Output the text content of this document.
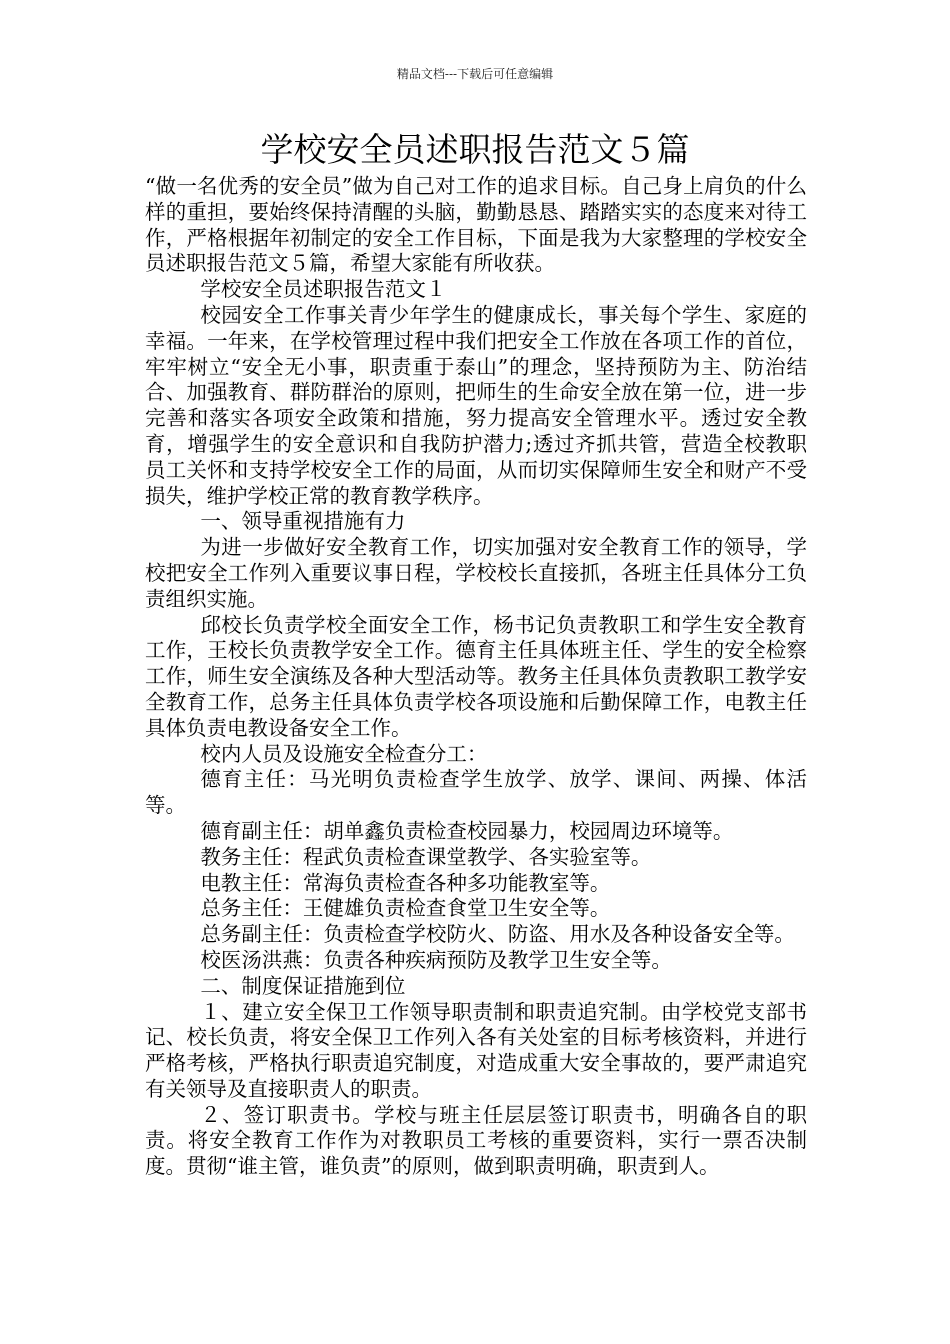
精品文档---下载后可任意编辑
学校安全员述职报告范文５篇

“做一名优秀的安全员”做为自己对工作的追求目标。自己身上肩负的什么样的重担，要始终保持清醒的头脑，勤勤恳恳、踏踏实实的态度来对待工作，严格根据年初制定的安全工作目标，下面是我为大家整理的学校安全员述职报告范文５篇，希望大家能有所收获。

学校安全员述职报告范文１

校园安全工作事关青少年学生的健康成长，事关每个学生、家庭的幸福。一年来，在学校管理过程中我们把安全工作放在各项工作的首位，牢牢树立“安全无小事，职责重于泰山”的理念，坚持预防为主、防治结合、加强教育、群防群治的原则，把师生的生命安全放在第一位，进一步完善和落实各项安全政策和措施，努力提高安全管理水平。透过安全教育，增强学生的安全意识和自我防护潜力;透过齐抓共管，营造全校教职员工关怀和支持学校安全工作的局面，从而切实保障师生安全和财产不受损失，维护学校正常的教育教学秩序。

一、领导重视措施有力

为进一步做好安全教育工作，切实加强对安全教育工作的领导，学校把安全工作列入重要议事日程，学校校长直接抓，各班主任具体分工负责组织实施。

邱校长负责学校全面安全工作，杨书记负责教职工和学生安全教育工作，王校长负责教学安全工作。德育主任具体班主任、学生的安全检察工作，师生安全演练及各种大型活动等。教务主任具体负责教职工教学安全教育工作，总务主任具体负责学校各项设施和后勤保障工作，电教主任具体负责电教设备安全工作。

校内人员及设施安全检查分工：

德育主任：马光明负责检查学生放学、放学、课间、两操、体活等。

德育副主任：胡单鑫负责检查校园暴力，校园周边环境等。

教务主任：程武负责检查课堂教学、各实验室等。

电教主任：常海负责检查各种多功能教室等。

总务主任：王健雄负责检查食堂卫生安全等。

总务副主任：负责检查学校防火、防盗、用水及各种设备安全等。

校医汤洪燕：负责各种疾病预防及教学卫生安全等。

二、制度保证措施到位

１、建立安全保卫工作领导职责制和职责追究制。由学校党支部书记、校长负责，将安全保卫工作列入各有关处室的目标考核资料，并进行严格考核，严格执行职责追究制度，对造成重大安全事故的，要严肃追究有关领导及直接职责人的职责。

２、签订职责书。学校与班主任层层签订职责书，明确各自的职责。将安全教育工作作为对教职员工考核的重要资料，实行一票否决制度。贯彻“谁主管，谁负责”的原则，做到职责明确，职责到人。
